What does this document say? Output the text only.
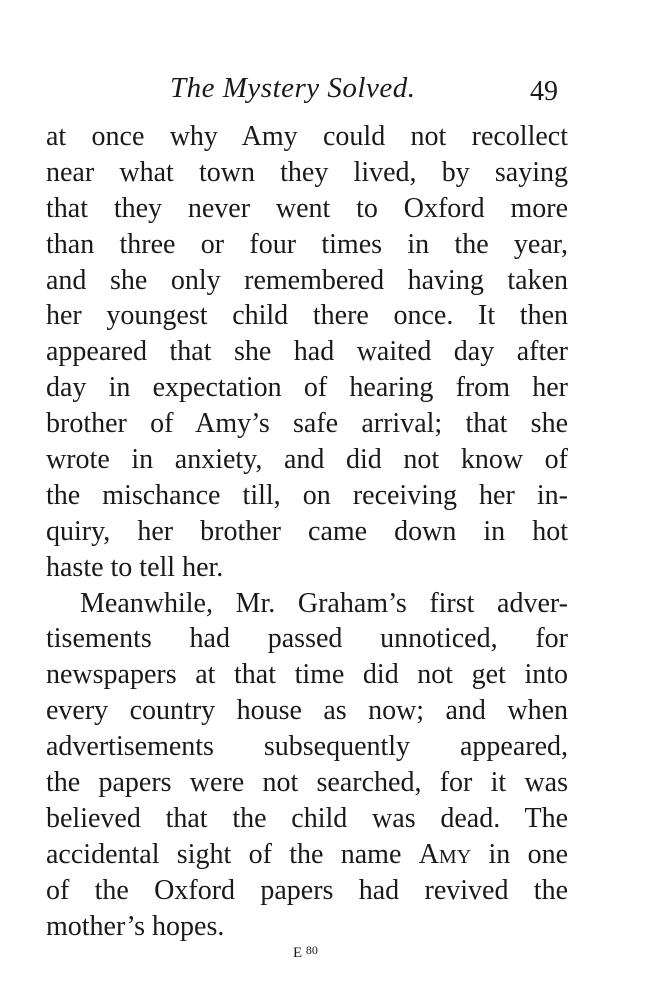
The Mystery Solved.	49
at once why Amy could not recollect
near what town they lived, by saying
that they never went to Oxford more
than three or four times in the year,
and she only remembered having taken
her youngest child there once. It then
appeared that she had waited day after
day in expectation of hearing from her
brother of Amy’s safe arrival; that she
wrote in anxiety, and did not know of
the mischance till, on receiving her in-
quiry, her brother came down in hot
haste to tell her.
Meanwhile, Mr. Graham’s first adver-
tisements had passed unnoticed, for
newspapers at that time did not get into
every country house as now; and when
advertisements subsequently appeared,
the papers were not searched, for it was
believed that the child was dead. The
accidental sight of the name Amy in one
of the Oxford papers had revived the
mother’s hopes.
E $^{80}$
